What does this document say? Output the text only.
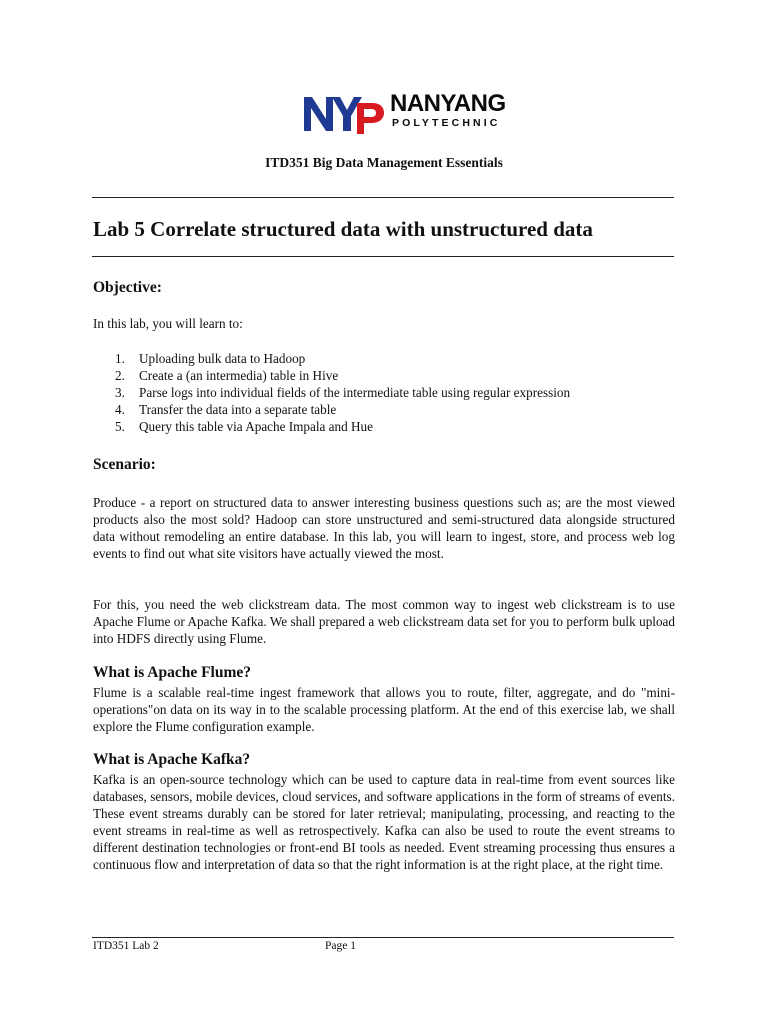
NANYANG
POLYTECHNIC
ITD351 Big Data Management Essentials
Lab 5 Correlate structured data with unstructured data
Objective:
In this lab, you will learn to:
1. Uploading bulk data to Hadoop
2. Create a (an intermedia) table in Hive
3. Parse logs into individual fields of the intermediate table using regular expression
4. Transfer the data into a separate table
5. Query this table via Apache Impala and Hue
Scenario:
Produce - a report on structured data to answer interesting business questions such as; are the most viewed products also the most sold? Hadoop can store unstructured and semi-structured data alongside structured data without remodeling an entire database. In this lab, you will learn to ingest, store, and process web log events to find out what site visitors have actually viewed the most.
For this, you need the web clickstream data. The most common way to ingest web clickstream is to use Apache Flume or Apache Kafka. We shall prepared a web clickstream data set for you to perform bulk upload into HDFS directly using Flume.
What is Apache Flume?
Flume is a scalable real-time ingest framework that allows you to route, filter, aggregate, and do "mini-operations"on data on its way in to the scalable processing platform. At the end of this exercise lab, we shall explore the Flume configuration example.
What is Apache Kafka?
Kafka is an open-source technology which can be used to capture data in real-time from event sources like databases, sensors, mobile devices, cloud services, and software applications in the form of streams of events. These event streams durably can be stored for later retrieval; manipulating, processing, and reacting to the event streams in real-time as well as retrospectively. Kafka can also be used to route the event streams to different destination technologies or front-end BI tools as needed. Event streaming processing thus ensures a continuous flow and interpretation of data so that the right information is at the right place, at the right time.
ITD351 Lab 2	Page 1
